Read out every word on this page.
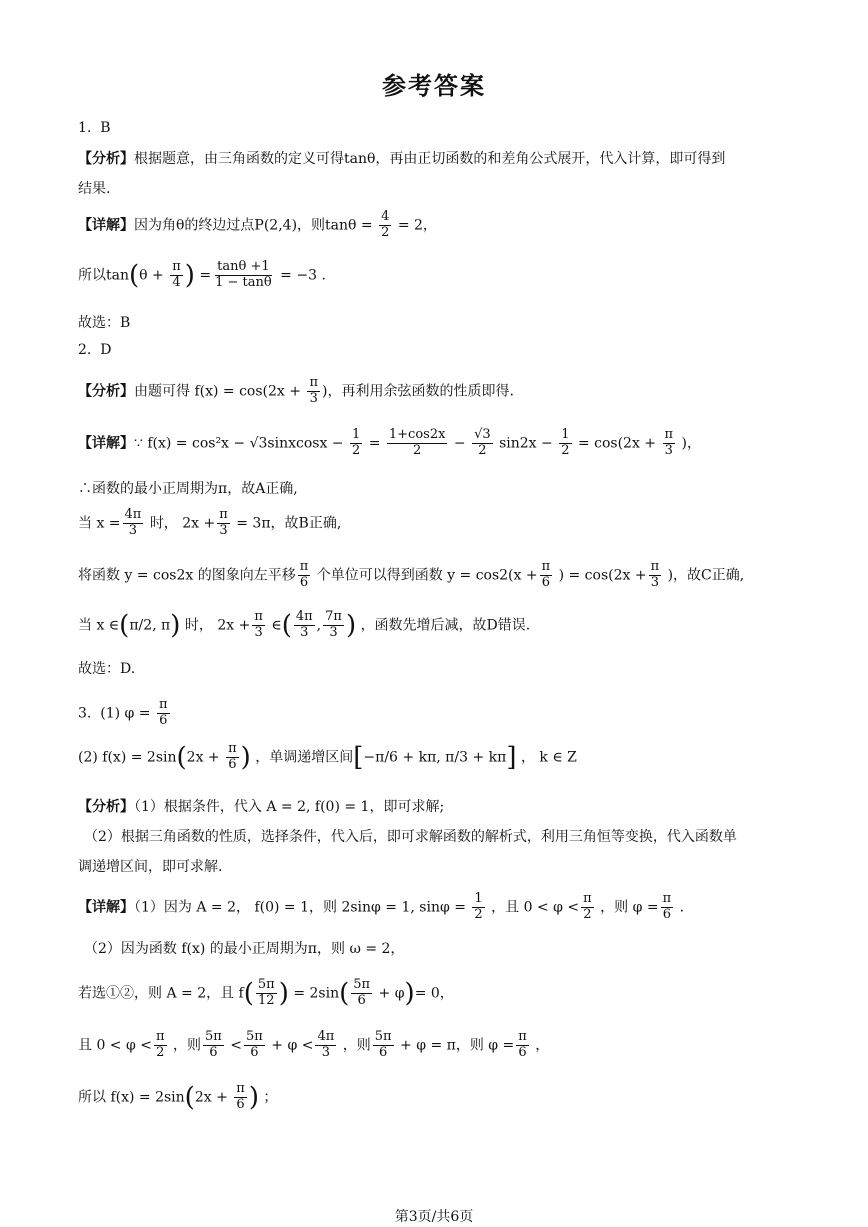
参考答案
1. B
【分析】根据题意，由三角函数的定义可得tanθ，再由正切函数的和差角公式展开，代入计算，即可得到
结果.
【详解】因为角θ的终边过点P(2,4)，则$\tan\theta = \frac{4}{2} = 2$，
所以$\tan(\theta + \frac{\pi}{4}$ ) = $\frac{\tan\theta +1}{1 - \tan\theta} = -3$ .
故选：B
2. D
【分析】由题可得 $f(x) = \cos(2x + \frac{\pi}{3}$ )，再利用余弦函数的性质即得.
【详解】∵ f(x) = cos²x − √3sinxcosx − $\frac{1}{2} = \frac{1+\cos 2x}{2} - \frac{√3}{2} \sin 2x - \frac{1}{2} = \cos(2x + \frac{\pi}{3}$ )，
∴函数的最小正周期为π，故A正确,
当 $x = \frac{4\pi}{3}$ 时， $2x + \frac{\pi}{3} = 3\pi$，故B正确,
将函数 y = cos2x 的图象向左平移 $\frac{\pi}{6}$ 个单位可以得到函数 $y = \cos 2(x + \frac{\pi}{6}$ ) = $\cos(2x + \frac{\pi}{3}$ )，故C正确,
当 x ∈(π/2, π) 时， $2x + \frac{\pi}{3}$ ∈( $\frac{4\pi}{3}$ , $\frac{7\pi}{3}$ ) ，函数先增后减，故D错误.
故选：D.
3. (1) $\varphi = \frac{\pi}{6}$
(2) $f(x) = 2\sin(2x + \frac{\pi}{6}$ ) ，单调递增区间[−π/6 + kπ, π/3 + kπ] ， k ∈ Z
【分析】（1）根据条件，代入 A = 2, f(0) = 1，即可求解;
（2）根据三角函数的性质，选择条件，代入后，即可求解函数的解析式，利用三角恒等变换，代入函数单
调递增区间，即可求解.
【详解】（1）因为 A = 2， f(0) = 1，则 2sinφ = 1, $\sin\varphi = \frac{1}{2}$ ，且 $0 < \varphi < \frac{\pi}{2}$ ，则 $\varphi = \frac{\pi}{6}$ .
（2）因为函数 f(x) 的最小正周期为π，则 ω = 2，
若选①②，则 A = 2，且 $f( \frac{5\pi}{12}$ ) = $2\sin( \frac{5\pi}{6} + \varphi)= 0$，
且 $0 < \varphi < \frac{\pi}{2}$ ，则 $\frac{5\pi}{6} < \frac{5\pi}{6} + \varphi < \frac{4\pi}{3}$ ，则 $\frac{5\pi}{6} + \varphi = \pi$，则 $\varphi = \frac{\pi}{6}$ ，
所以 $f(x) = 2\sin(2x + \frac{\pi}{6}$ ) ；
第3页/共6页
